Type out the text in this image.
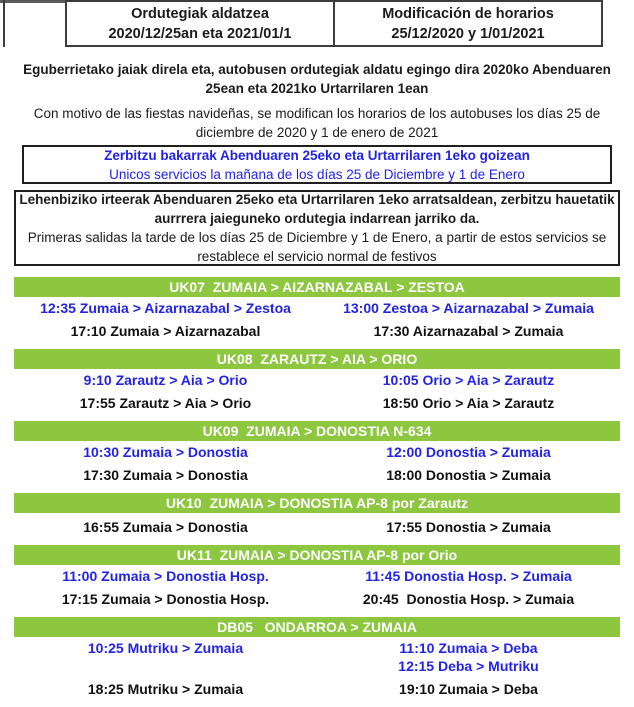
Ordutegiak aldatzea
2020/12/25an eta 2021/01/1
Modificación de horarios
25/12/2020 y 1/01/2021
Eguberrietako jaiak direla eta, autobusen ordutegiak aldatu egingo dira 2020ko Abenduaren 25ean eta 2021ko Urtarrilaren 1ean
Con motivo de las fiestas navideñas, se modifican los horarios de los autobuses los días 25 de diciembre de 2020 y 1 de enero de 2021
Zerbitzu bakarrak Abenduaren 25eko eta Urtarrilaren 1eko goizean
Unicos servicios la mañana de los días 25 de Diciembre y 1 de Enero
Lehenbiziko irteerak Abenduaren 25eko eta Urtarrilaren 1eko arratsaldean, zerbitzu hauetatik aurrrera jaieguneko ordutegia indarrean jarriko da.
Primeras salidas la tarde de los días 25 de Diciembre y 1 de Enero, a partir de estos servicios se restablece el servicio normal de festivos
UK07  ZUMAIA > AIZARNAZABAL > ZESTOA
12:35 Zumaia > Aizarnazabal > Zestoa	13:00 Zestoa > Aizarnazabal > Zumaia
17:10 Zumaia > Aizarnazabal	17:30 Aizarnazabal > Zumaia
UK08  ZARAUTZ > AIA > ORIO
9:10 Zarautz > Aia > Orio	10:05 Orio > Aia > Zarautz
17:55 Zarautz > Aia > Orio	18:50 Orio > Aia > Zarautz
UK09  ZUMAIA > DONOSTIA N-634
10:30 Zumaia > Donostia	12:00 Donostia > Zumaia
17:30 Zumaia > Donostia	18:00 Donostia > Zumaia
UK10  ZUMAIA > DONOSTIA AP-8 por Zarautz
16:55 Zumaia > Donostia	17:55 Donostia > Zumaia
UK11  ZUMAIA > DONOSTIA AP-8 por Orio
11:00 Zumaia > Donostia Hosp.	11:45 Donostia Hosp. > Zumaia
17:15 Zumaia > Donostia Hosp.	20:45  Donostia Hosp. > Zumaia
DB05   ONDARROA > ZUMAIA
10:25 Mutriku > Zumaia	11:10 Zumaia > Deba
12:15 Deba > Mutriku
18:25 Mutriku > Zumaia	19:10 Zumaia > Deba
